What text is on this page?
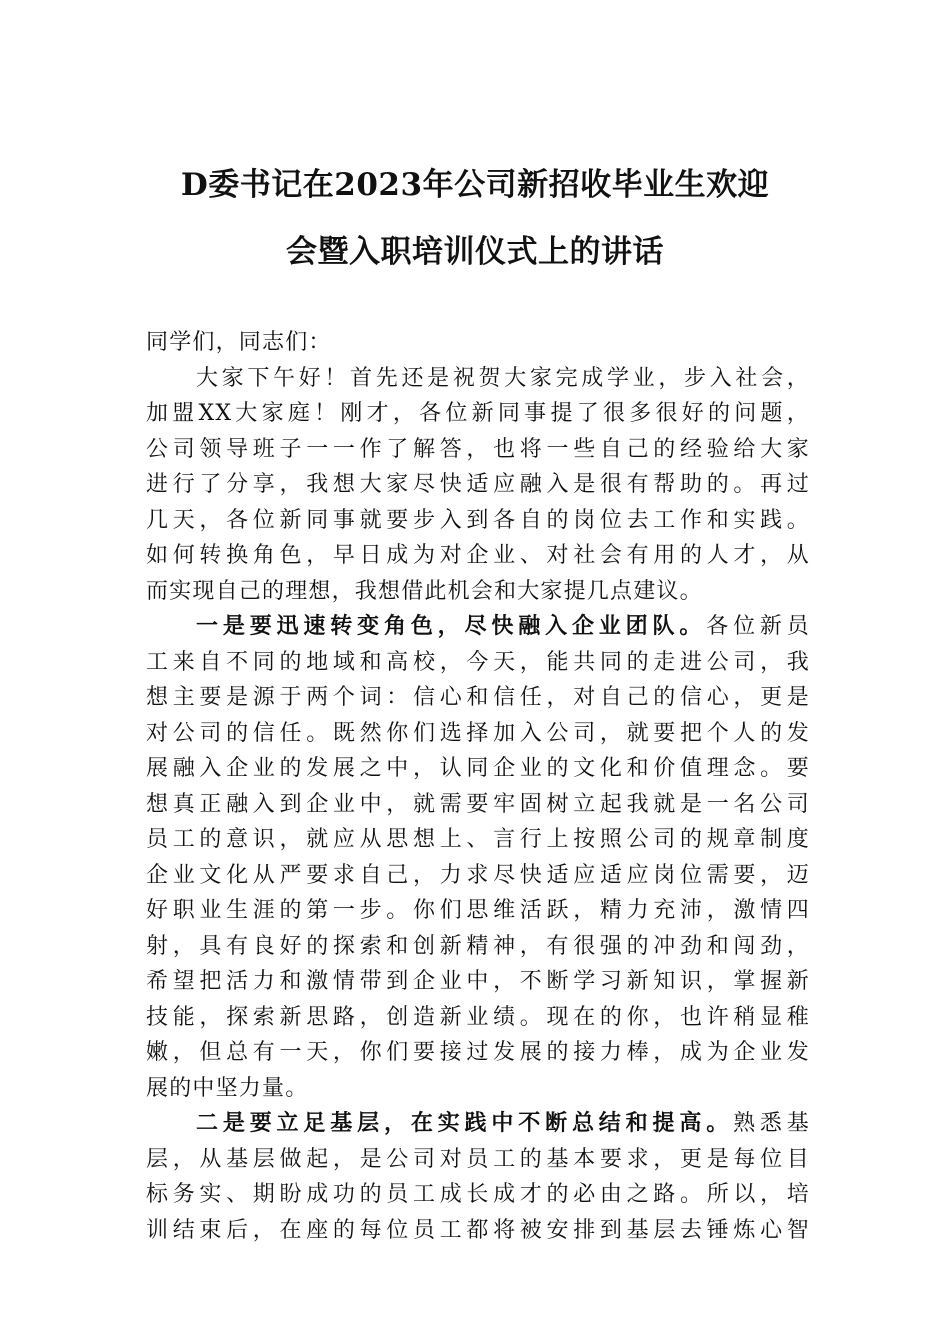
D委书记在2023年公司新招收毕业生欢迎
会暨入职培训仪式上的讲话
同学们，同志们：
大家下午好！首先还是祝贺大家完成学业，步入社会，
加盟XX大家庭！刚才，各位新同事提了很多很好的问题，
公司领导班子一一作了解答，也将一些自己的经验给大家
进行了分享，我想大家尽快适应融入是很有帮助的。再过
几天，各位新同事就要步入到各自的岗位去工作和实践。
如何转换角色，早日成为对企业、对社会有用的人才，从
而实现自己的理想，我想借此机会和大家提几点建议。
一是要迅速转变角色，尽快融入企业团队。各位新员
工来自不同的地域和高校，今天，能共同的走进公司，我
想主要是源于两个词：信心和信任，对自己的信心，更是
对公司的信任。既然你们选择加入公司，就要把个人的发
展融入企业的发展之中，认同企业的文化和价值理念。要
想真正融入到企业中，就需要牢固树立起我就是一名公司
员工的意识，就应从思想上、言行上按照公司的规章制度
企业文化从严要求自己，力求尽快适应适应岗位需要，迈
好职业生涯的第一步。你们思维活跃，精力充沛，激情四
射，具有良好的探索和创新精神，有很强的冲劲和闯劲，
希望把活力和激情带到企业中，不断学习新知识，掌握新
技能，探索新思路，创造新业绩。现在的你，也许稍显稚
嫩，但总有一天，你们要接过发展的接力棒，成为企业发
展的中坚力量。
二是要立足基层，在实践中不断总结和提高。熟悉基
层，从基层做起，是公司对员工的基本要求，更是每位目
标务实、期盼成功的员工成长成才的必由之路。所以，培
训结束后，在座的每位员工都将被安排到基层去锤炼心智
